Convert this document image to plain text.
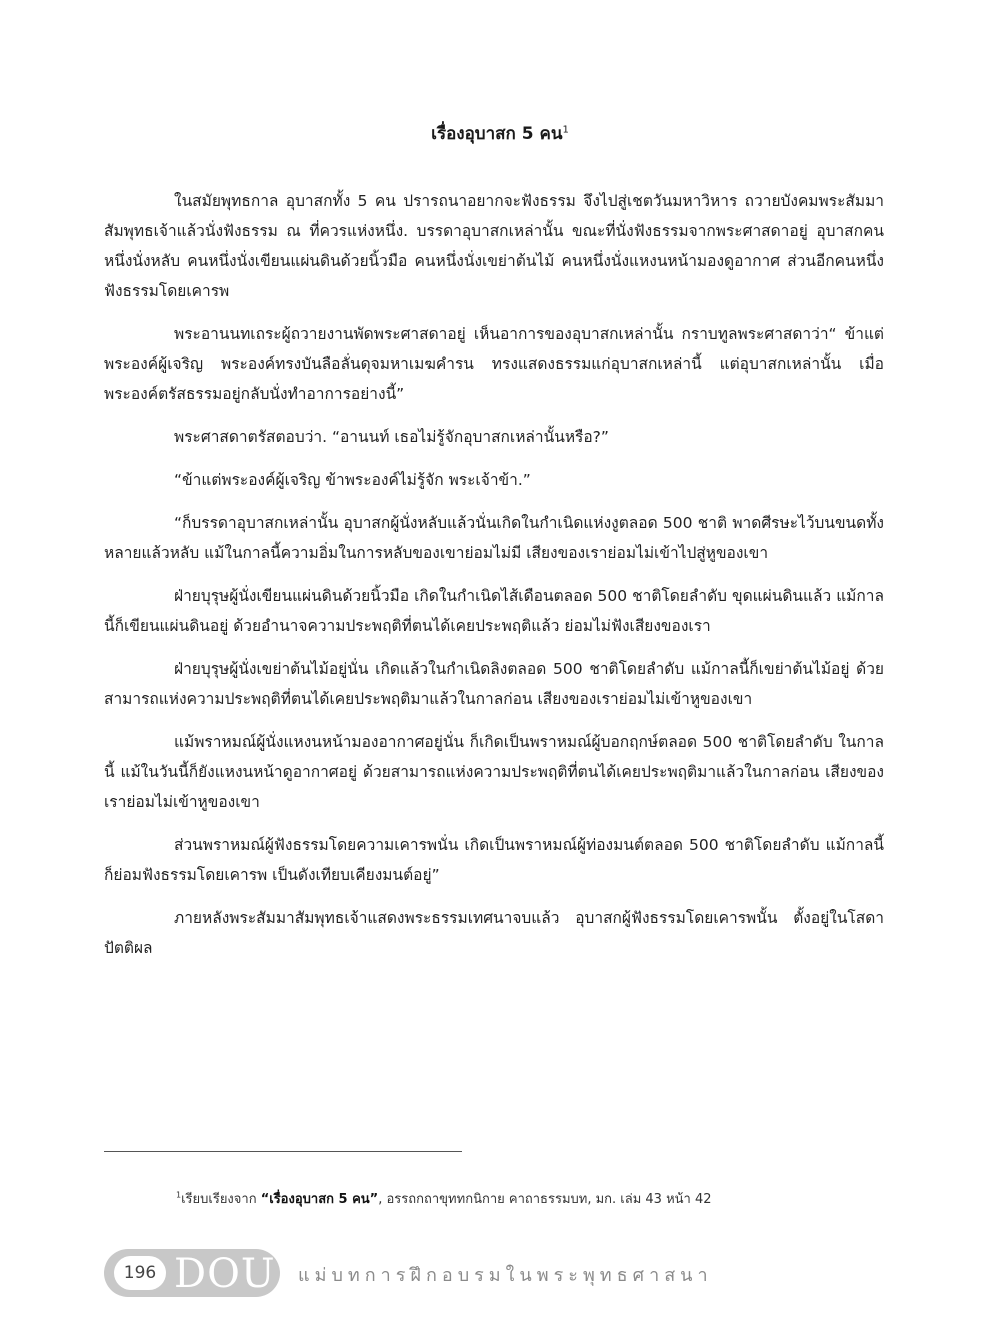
เรื่องอุบาสก 5 คน$^1$

ในสมัยพุทธกาล อุบาสกทั้ง 5 คน ปรารถนาอยากจะฟังธรรม จึงไปสู่เชตวันมหาวิหาร ถวายบังคมพระสัมมาสัมพุทธเจ้าแล้วนั่งฟังธรรม ณ ที่ควรแห่งหนึ่ง. บรรดาอุบาสกเหล่านั้น ขณะที่นั่งฟังธรรมจากพระศาสดาอยู่ อุบาสกคนหนึ่งนั่งหลับ คนหนึ่งนั่งเขียนแผ่นดินด้วยนิ้วมือ คนหนึ่งนั่งเขย่าต้นไม้ คนหนึ่งนั่งแหงนหน้ามองดูอากาศ ส่วนอีกคนหนึ่งฟังธรรมโดยเคารพ

พระอานนทเถระผู้ถวายงานพัดพระศาสดาอยู่ เห็นอาการของอุบาสกเหล่านั้น กราบทูลพระศาสดาว่า“ ข้าแต่พระองค์ผู้เจริญ พระองค์ทรงบันลือลั่นดุจมหาเมฆคำรน ทรงแสดงธรรมแก่อุบาสกเหล่านี้ แต่อุบาสกเหล่านั้น เมื่อพระองค์ตรัสธรรมอยู่กลับนั่งทำอาการอย่างนี้”

พระศาสดาตรัสตอบว่า. “อานนท์ เธอไม่รู้จักอุบาสกเหล่านั้นหรือ?”

“ข้าแต่พระองค์ผู้เจริญ ข้าพระองค์ไม่รู้จัก พระเจ้าข้า.”

“ก็บรรดาอุบาสกเหล่านั้น อุบาสกผู้นั่งหลับแล้วนั่นเกิดในกำเนิดแห่งงูตลอด 500 ชาติ พาดศีรษะไว้บนขนดทั้งหลายแล้วหลับ แม้ในกาลนี้ความอิ่มในการหลับของเขาย่อมไม่มี เสียงของเราย่อมไม่เข้าไปสู่หูของเขา

ฝ่ายบุรุษผู้นั่งเขียนแผ่นดินด้วยนิ้วมือ เกิดในกำเนิดไส้เดือนตลอด 500 ชาติโดยลำดับ ขุดแผ่นดินแล้ว แม้กาลนี้ก็เขียนแผ่นดินอยู่ ด้วยอำนาจความประพฤติที่ตนได้เคยประพฤติแล้ว ย่อมไม่ฟังเสียงของเรา

ฝ่ายบุรุษผู้นั่งเขย่าต้นไม้อยู่นั่น เกิดแล้วในกำเนิดลิงตลอด 500 ชาติโดยลำดับ แม้กาลนี้ก็เขย่าต้นไม้อยู่ ด้วยสามารถแห่งความประพฤติที่ตนได้เคยประพฤติมาแล้วในกาลก่อน เสียงของเราย่อมไม่เข้าหูของเขา

แม้พราหมณ์ผู้นั่งแหงนหน้ามองอากาศอยู่นั่น ก็เกิดเป็นพราหมณ์ผู้บอกฤกษ์ตลอด 500 ชาติโดยลำดับ ในกาลนี้ แม้ในวันนี้ก็ยังแหงนหน้าดูอากาศอยู่ ด้วยสามารถแห่งความประพฤติที่ตนได้เคยประพฤติมาแล้วในกาลก่อน เสียงของเราย่อมไม่เข้าหูของเขา

ส่วนพราหมณ์ผู้ฟังธรรมโดยความเคารพนั่น เกิดเป็นพราหมณ์ผู้ท่องมนต์ตลอด 500 ชาติโดยลำดับ แม้กาลนี้ ก็ย่อมฟังธรรมโดยเคารพ เป็นดังเทียบเคียงมนต์อยู่”

ภายหลังพระสัมมาสัมพุทธเจ้าแสดงพระธรรมเทศนาจบแล้ว อุบาสกผู้ฟังธรรมโดยเคารพนั้น ตั้งอยู่ในโสดาปัตติผล

$^1$เรียบเรียงจาก “เรื่องอุบาสก 5 คน”, อรรถกถาขุททกนิกาย คาถาธรรมบท, มก. เล่ม 43 หน้า 42
196 DOU แม่บทการฝึกอบรมในพระพุทธศาสนา
